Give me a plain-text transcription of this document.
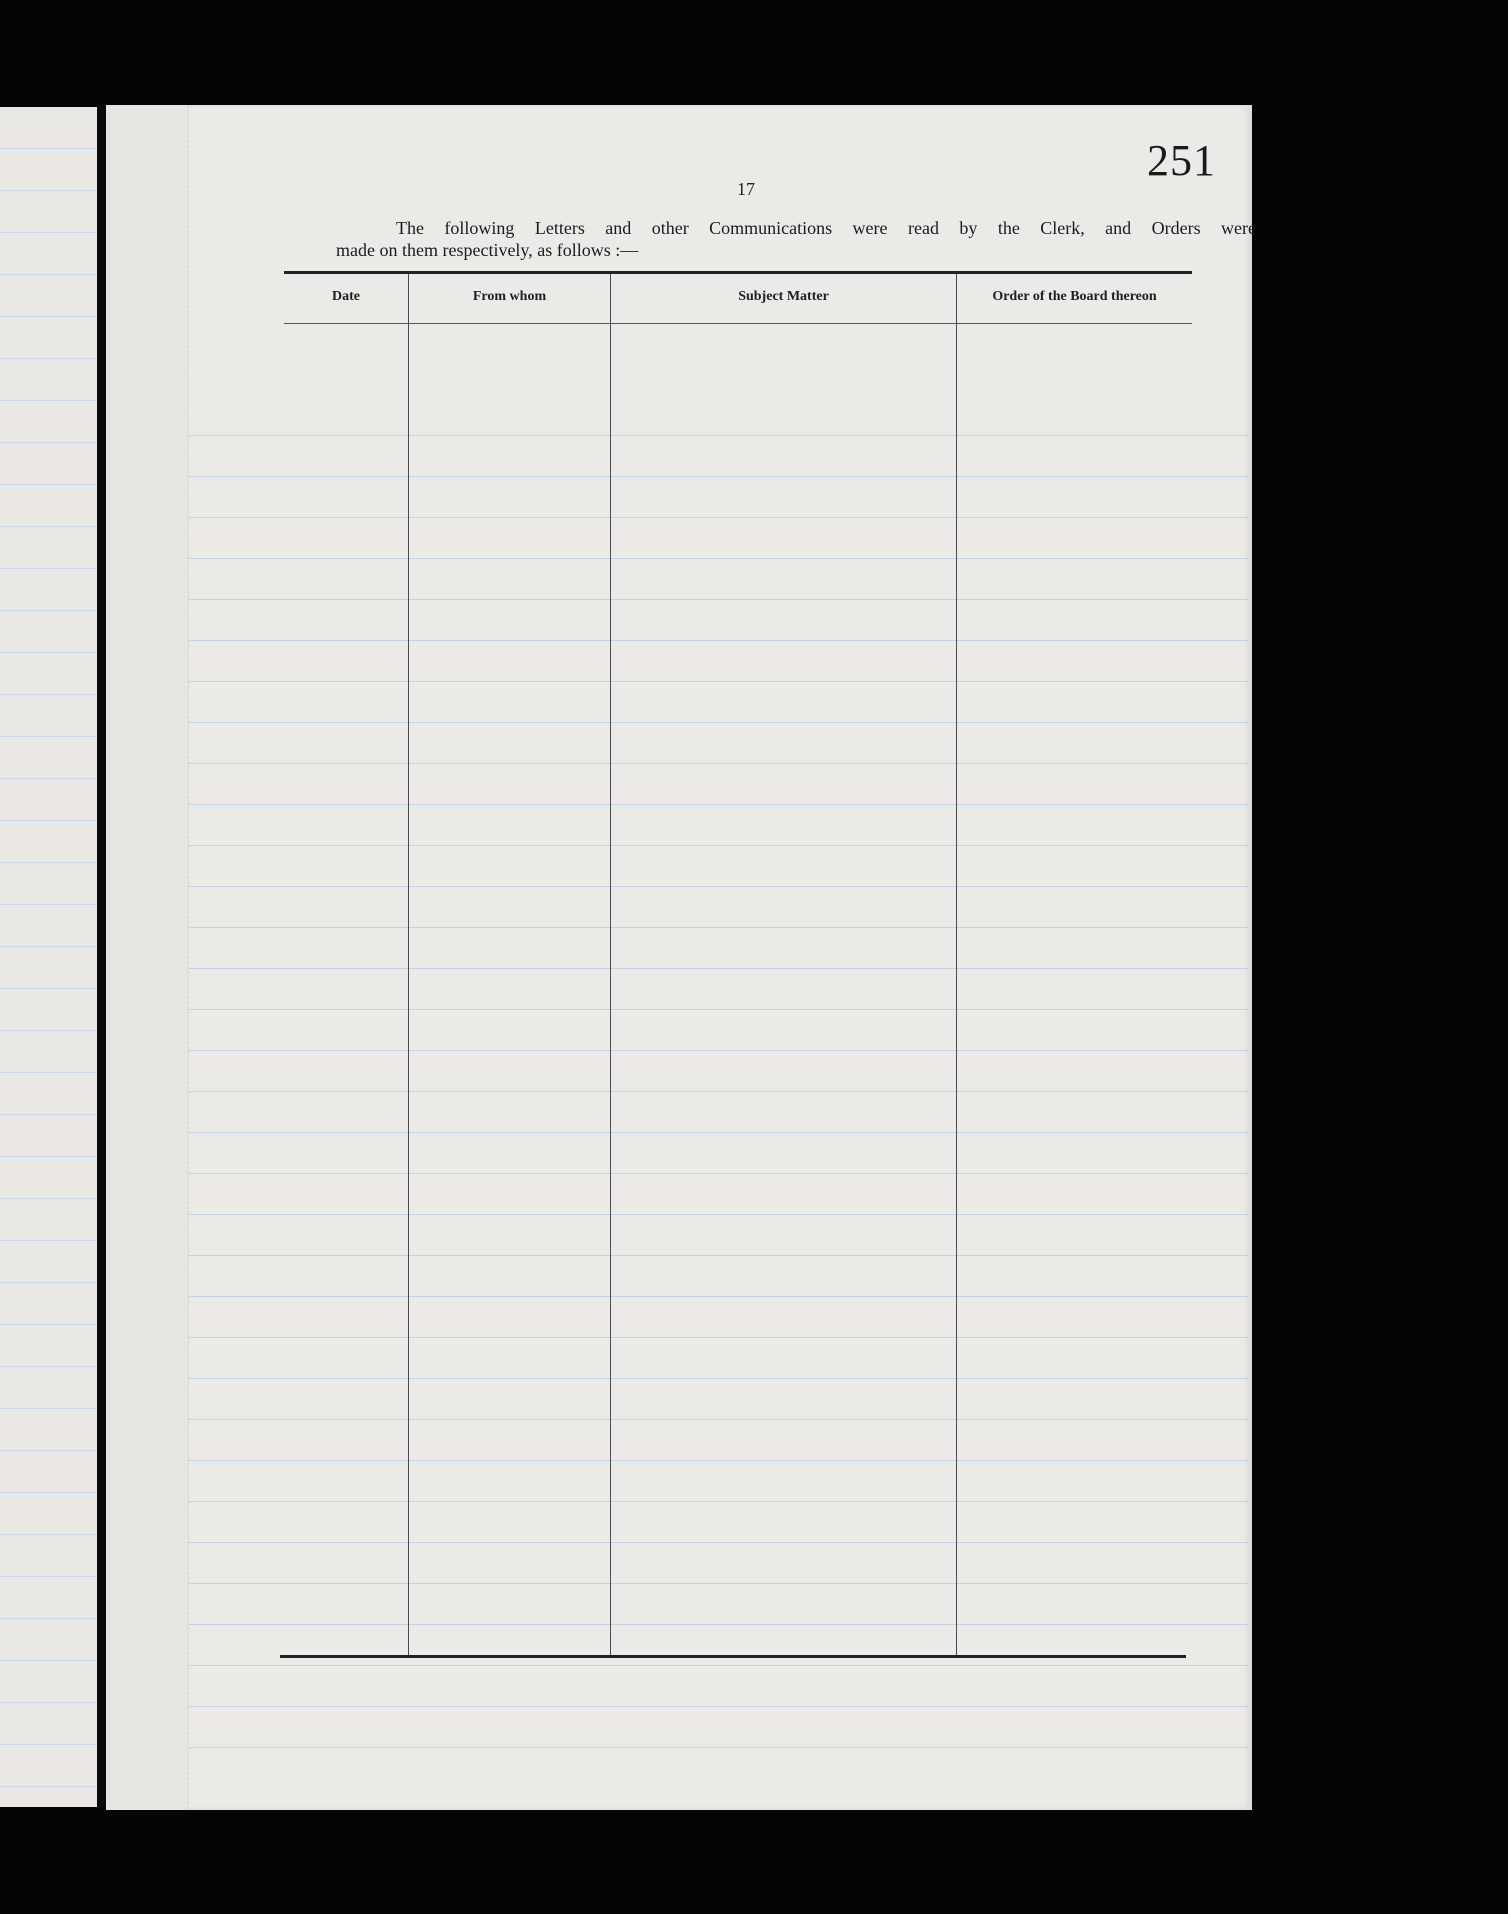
251
17
The following Letters and other Communications were read by the Clerk, and Orders were
made on them respectively, as follows :—
Date	From whom	Subject Matter	Order of the Board thereon
